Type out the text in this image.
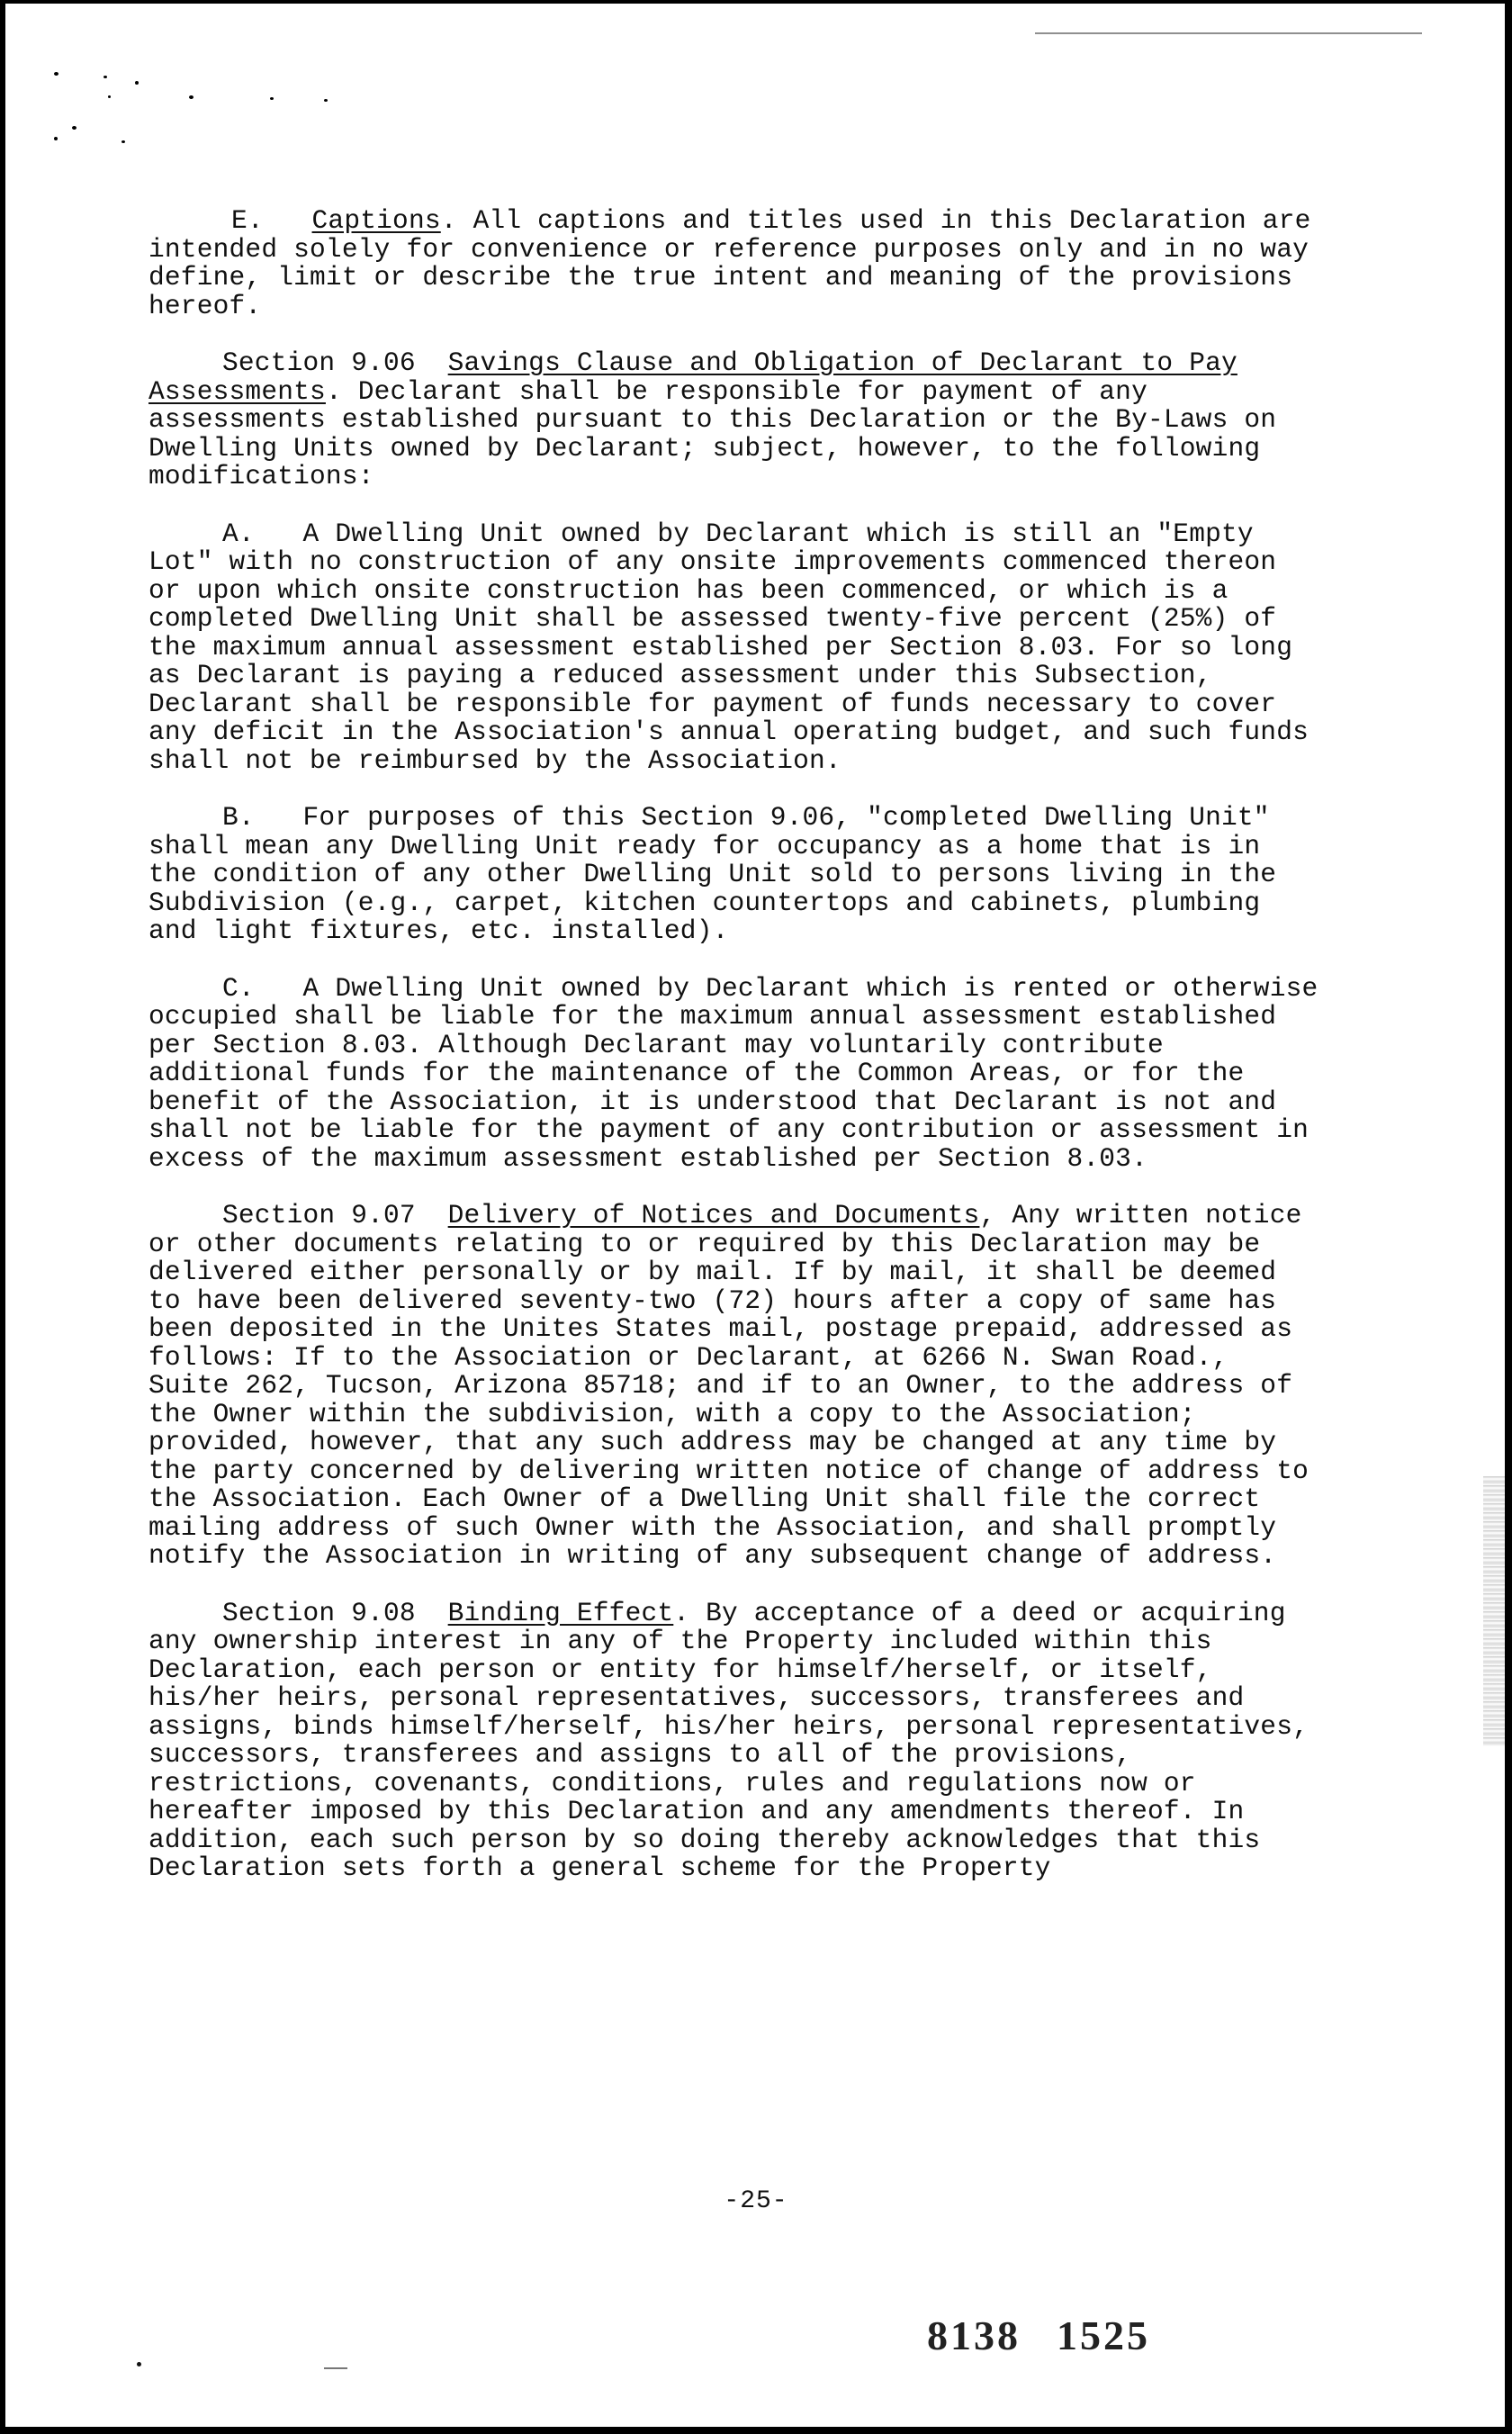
E. Captions. All captions and titles used in this Declaration are intended solely for convenience or reference purposes only and in no way define, limit or describe the true intent and meaning of the provisions hereof.

Section 9.06 Savings Clause and Obligation of Declarant to Pay Assessments. Declarant shall be responsible for payment of any assessments established pursuant to this Declaration or the By-Laws on Dwelling Units owned by Declarant; subject, however, to the following modifications:

A. A Dwelling Unit owned by Declarant which is still an "Empty Lot" with no construction of any onsite improvements commenced thereon or upon which onsite construction has been commenced, or which is a completed Dwelling Unit shall be assessed twenty-five percent (25%) of the maximum annual assessment established per Section 8.03. For so long as Declarant is paying a reduced assessment under this Subsection, Declarant shall be responsible for payment of funds necessary to cover any deficit in the Association's annual operating budget, and such funds shall not be reimbursed by the Association.

B. For purposes of this Section 9.06, "completed Dwelling Unit" shall mean any Dwelling Unit ready for occupancy as a home that is in the condition of any other Dwelling Unit sold to persons living in the Subdivision (e.g., carpet, kitchen countertops and cabinets, plumbing and light fixtures, etc. installed).

C. A Dwelling Unit owned by Declarant which is rented or otherwise occupied shall be liable for the maximum annual assessment established per Section 8.03. Although Declarant may voluntarily contribute additional funds for the maintenance of the Common Areas, or for the benefit of the Association, it is understood that Declarant is not and shall not be liable for the payment of any contribution or assessment in excess of the maximum assessment established per Section 8.03.

Section 9.07 Delivery of Notices and Documents, Any written notice or other documents relating to or required by this Declaration may be delivered either personally or by mail. If by mail, it shall be deemed to have been delivered seventy-two (72) hours after a copy of same has been deposited in the Unites States mail, postage prepaid, addressed as follows: If to the Association or Declarant, at 6266 N. Swan Road., Suite 262, Tucson, Arizona 85718; and if to an Owner, to the address of the Owner within the subdivision, with a copy to the Association; provided, however, that any such address may be changed at any time by the party concerned by delivering written notice of change of address to the Association. Each Owner of a Dwelling Unit shall file the correct mailing address of such Owner with the Association, and shall promptly notify the Association in writing of any subsequent change of address.

Section 9.08 Binding Effect. By acceptance of a deed or acquiring any ownership interest in any of the Property included within this Declaration, each person or entity for himself/herself, or itself, his/her heirs, personal representatives, successors, transferees and assigns, binds himself/herself, his/her heirs, personal representatives, successors, transferees and assigns to all of the provisions, restrictions, covenants, conditions, rules and regulations now or hereafter imposed by this Declaration and any amendments thereof. In addition, each such person by so doing thereby acknowledges that this Declaration sets forth a general scheme for the Property

-25-
8138 1525
